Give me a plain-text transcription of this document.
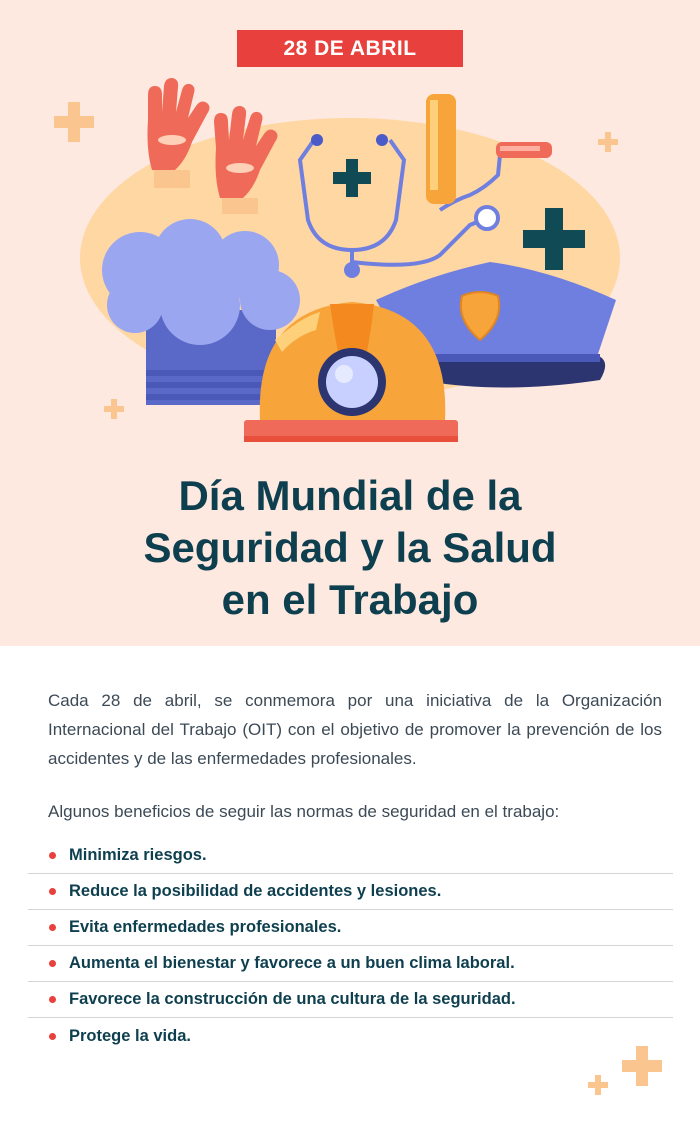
28 DE ABRIL
Día Mundial de la
Seguridad y la Salud
en el Trabajo

Cada 28 de abril, se conmemora por una iniciativa de la Organización Internacional del Trabajo (OIT) con el objetivo de promover la prevención de los accidentes y de las enfermedades profesionales.

Algunos beneficios de seguir las normas de seguridad en el trabajo:

Minimiza riesgos.
Reduce la posibilidad de accidentes y lesiones.
Evita enfermedades profesionales.
Aumenta el bienestar y favorece a un buen clima laboral.
Favorece la construcción de una cultura de la seguridad.
Protege la vida.
